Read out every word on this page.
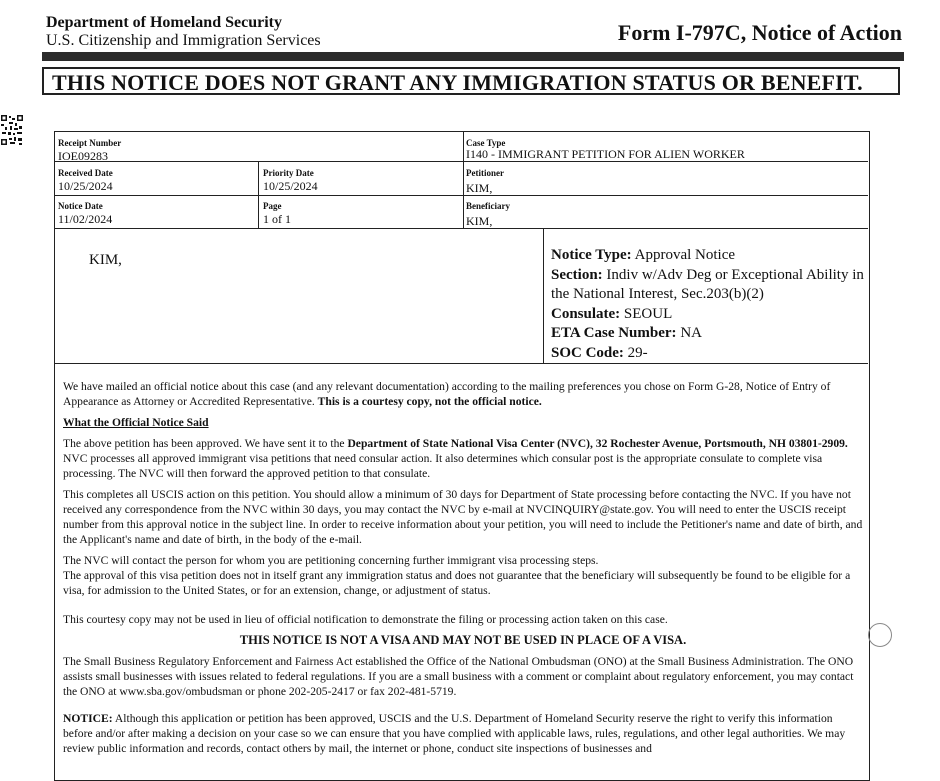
Department of Homeland Security
U.S. Citizenship and Immigration Services	Form I-797C, Notice of Action
THIS NOTICE DOES NOT GRANT ANY IMMIGRATION STATUS OR BENEFIT.
Receipt Number
IOE09283
Case Type
I140 - IMMIGRANT PETITION FOR ALIEN WORKER
Received Date
10/25/2024
Priority Date
10/25/2024
Petitioner
KIM,
Notice Date
11/02/2024
Page
1 of 1
Beneficiary
KIM,
KIM,	Notice Type: Approval Notice
Section: Indiv w/Adv Deg or Exceptional Ability in the National Interest, Sec.203(b)(2)
Consulate: SEOUL
ETA Case Number: NA
SOC Code: 29-

We have mailed an official notice about this case (and any relevant documentation) according to the mailing preferences you chose on Form G-28, Notice of Entry of Appearance as Attorney or Accredited Representative. This is a courtesy copy, not the official notice.

What the Official Notice Said

The above petition has been approved. We have sent it to the Department of State National Visa Center (NVC), 32 Rochester Avenue, Portsmouth, NH 03801-2909. NVC processes all approved immigrant visa petitions that need consular action. It also determines which consular post is the appropriate consulate to complete visa processing. The NVC will then forward the approved petition to that consulate.

This completes all USCIS action on this petition. You should allow a minimum of 30 days for Department of State processing before contacting the NVC. If you have not received any correspondence from the NVC within 30 days, you may contact the NVC by e-mail at NVCINQUIRY@state.gov. You will need to enter the USCIS receipt number from this approval notice in the subject line. In order to receive information about your petition, you will need to include the Petitioner's name and date of birth, and the Applicant's name and date of birth, in the body of the e-mail.

The NVC will contact the person for whom you are petitioning concerning further immigrant visa processing steps.
The approval of this visa petition does not in itself grant any immigration status and does not guarantee that the beneficiary will subsequently be found to be eligible for a visa, for admission to the United States, or for an extension, change, or adjustment of status.

This courtesy copy may not be used in lieu of official notification to demonstrate the filing or processing action taken on this case.

THIS NOTICE IS NOT A VISA AND MAY NOT BE USED IN PLACE OF A VISA.

The Small Business Regulatory Enforcement and Fairness Act established the Office of the National Ombudsman (ONO) at the Small Business Administration. The ONO assists small businesses with issues related to federal regulations. If you are a small business with a comment or complaint about regulatory enforcement, you may contact the ONO at www.sba.gov/ombudsman or phone 202-205-2417 or fax 202-481-5719.

NOTICE: Although this application or petition has been approved, USCIS and the U.S. Department of Homeland Security reserve the right to verify this information before and/or after making a decision on your case so we can ensure that you have complied with applicable laws, rules, regulations, and other legal authorities. We may review public information and records, contact others by mail, the internet or phone, conduct site inspections of businesses and
